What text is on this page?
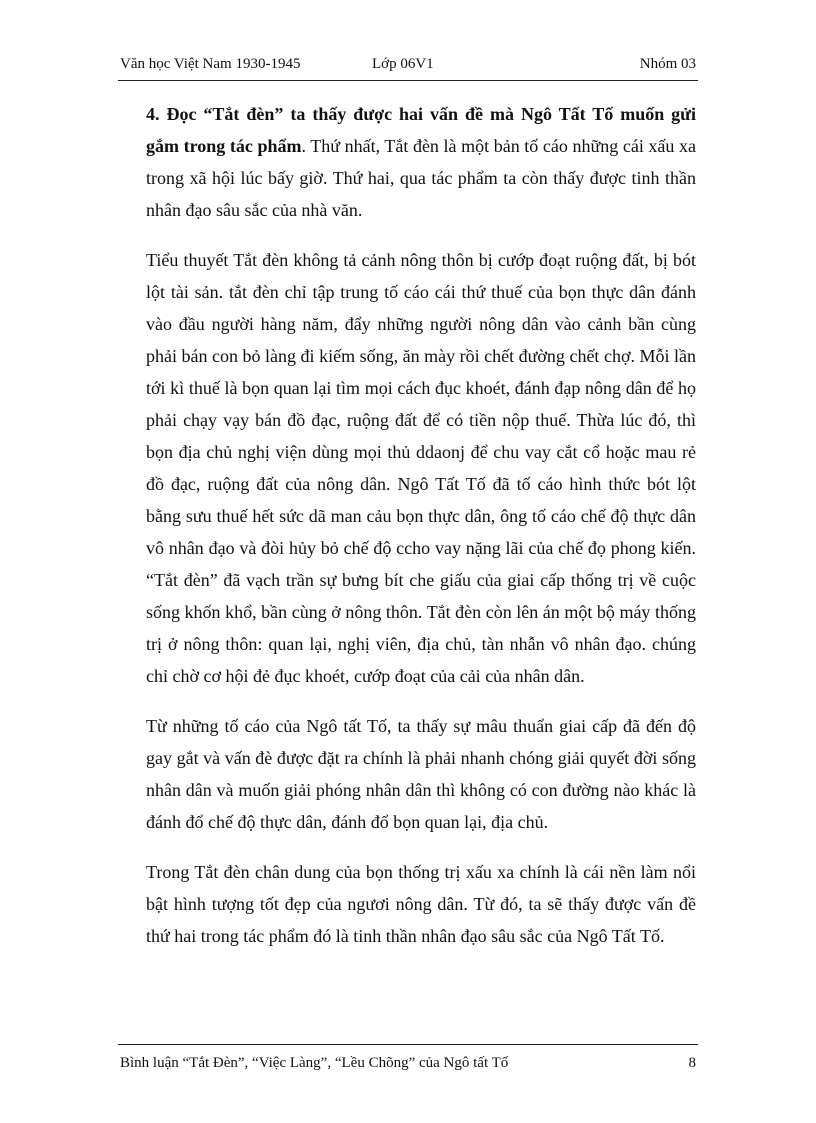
Văn học Việt Nam 1930-1945	Lớp 06V1	Nhóm 03

4. Đọc “Tắt đèn” ta thấy được hai vấn đề mà Ngô Tất Tố muốn gửi gắm trong tác phẩm. Thứ nhất, Tắt đèn là một bản tố cáo những cái xấu xa trong xã hội lúc bấy giờ. Thứ hai, qua tác phẩm ta còn thấy được tinh thần nhân đạo sâu sắc của nhà văn.

Tiểu thuyết Tắt đèn không tả cảnh nông thôn bị cướp đoạt ruộng đất, bị bót lột tài sản. tắt đèn chỉ tập trung tố cáo cái thứ thuế của bọn thực dân đánh vào đầu người hàng năm, đẩy những người nông dân vào cảnh bần cùng phải bán con bỏ làng đi kiếm sống, ăn mày rồi chết đường chết chợ. Mỗi lần tới kì thuế là bọn quan lại tìm mọi cách đục khoét, đánh đạp nông dân để họ phải chạy vạy bán đồ đạc, ruộng đất để có tiền nộp thuế. Thừa lúc đó, thì bọn địa chủ nghị viện dùng mọi thủ ddaonj để chu vay cắt cổ hoặc mau rẻ đồ đạc, ruộng đất của nông dân. Ngô Tất Tố đã tố cáo hình thức bót lột bằng sưu thuế hết sức dã man cảu bọn thực dân, ông tố cáo chế độ thực dân vô nhân đạo và đòi hủy bỏ chế độ ccho vay nặng lãi của chế đọ phong kiến. “Tắt đèn” đã vạch trần sự bưng bít che giấu của giai cấp thống trị về cuộc sống khốn khổ, bần cùng ở nông thôn. Tắt đèn còn lên án một bộ máy thống trị ở nông thôn: quan lại, nghị viên, địa chủ, tàn nhẫn vô nhân đạo. chúng chỉ chờ cơ hội đẻ đục khoét, cướp đoạt của cải của nhân dân.

Từ những tố cáo của Ngô tất Tố, ta thấy sự mâu thuẩn giai cấp đã đến độ gay gắt và vấn đè được đặt ra chính là phải nhanh chóng giải quyết đời sống nhân dân và muốn giải phóng nhân dân thì không có con đường nào khác là đánh đổ chế độ thực dân, đánh đổ bọn quan lại, địa chủ.

Trong Tắt đèn chân dung của bọn thống trị xấu xa chính là cái nền làm nổi bật hình tượng tốt đẹp của ngươi nông dân. Từ đó, ta sẽ thấy được vấn đề thứ hai trong tác phẩm đó là tinh thần nhân đạo sâu sắc của Ngô Tất Tố.

Bình luận “Tắt Đèn”, “Việc Làng”, “Lều Chõng” của Ngô tất Tố	8
